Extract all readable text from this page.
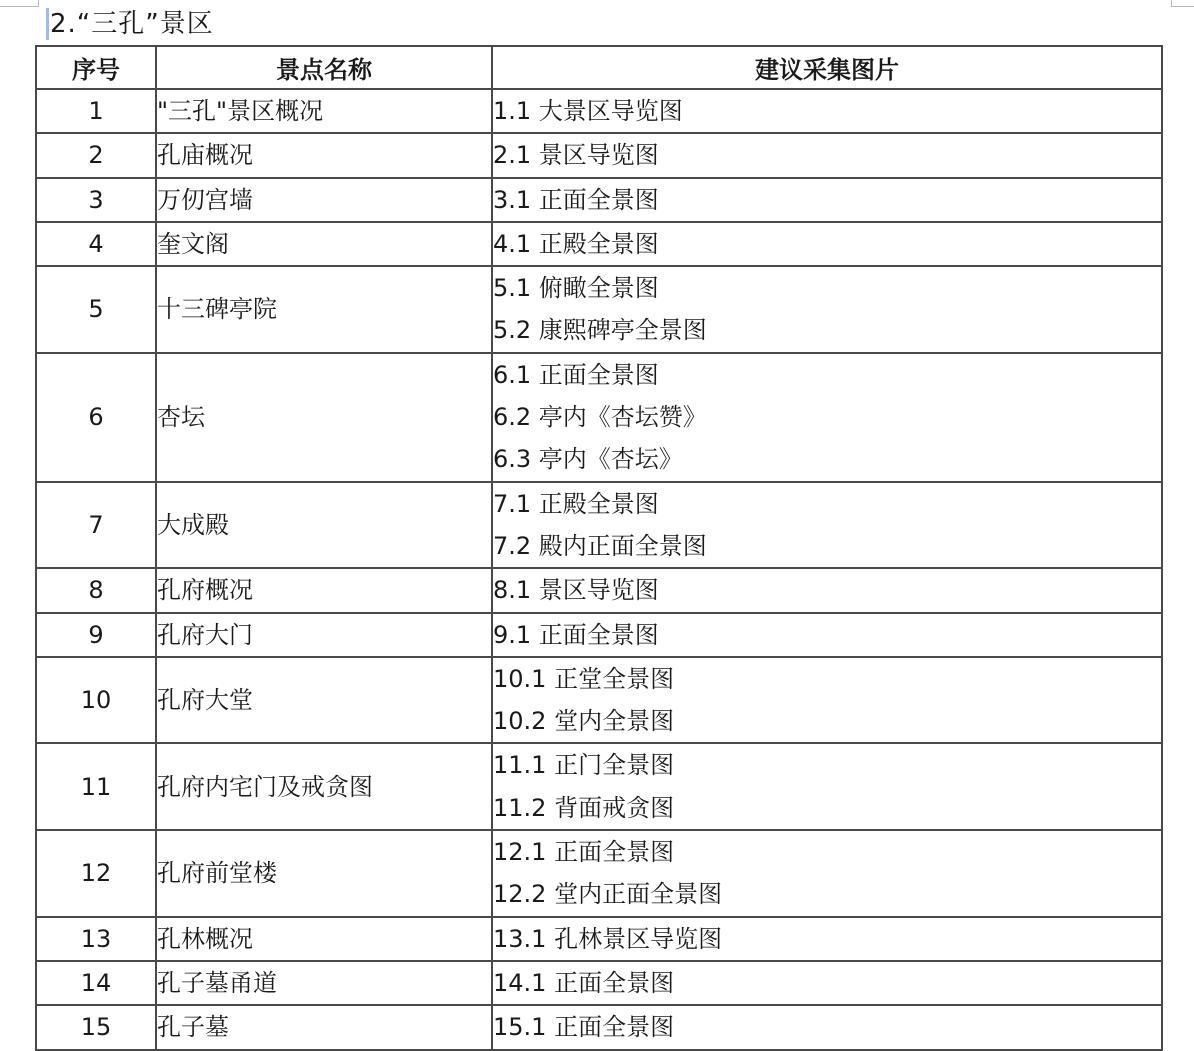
2.“三孔”景区
序号	景点名称	建议采集图片
1	"三孔"景区概况	1.1 大景区导览图

2	孔庙概况	2.1 景区导览图

3	万仞宫墙	3.1 正面全景图

4	奎文阁	4.1 正殿全景图

5	十三碑亭院	5.1 俯瞰全景图
5.2 康熙碑亭全景图

6	杏坛	6.1 正面全景图
6.2 亭内《杏坛赞》
6.3 亭内《杏坛》

7	大成殿	7.1 正殿全景图
7.2 殿内正面全景图

8	孔府概况	8.1 景区导览图

9	孔府大门	9.1 正面全景图

10	孔府大堂	10.1 正堂全景图
10.2 堂内全景图

11	孔府内宅门及戒贪图	11.1 正门全景图
11.2 背面戒贪图

12	孔府前堂楼	12.1 正面全景图
12.2 堂内正面全景图

13	孔林概况	13.1 孔林景区导览图

14	孔子墓甬道	14.1 正面全景图

15	孔子墓	15.1 正面全景图
